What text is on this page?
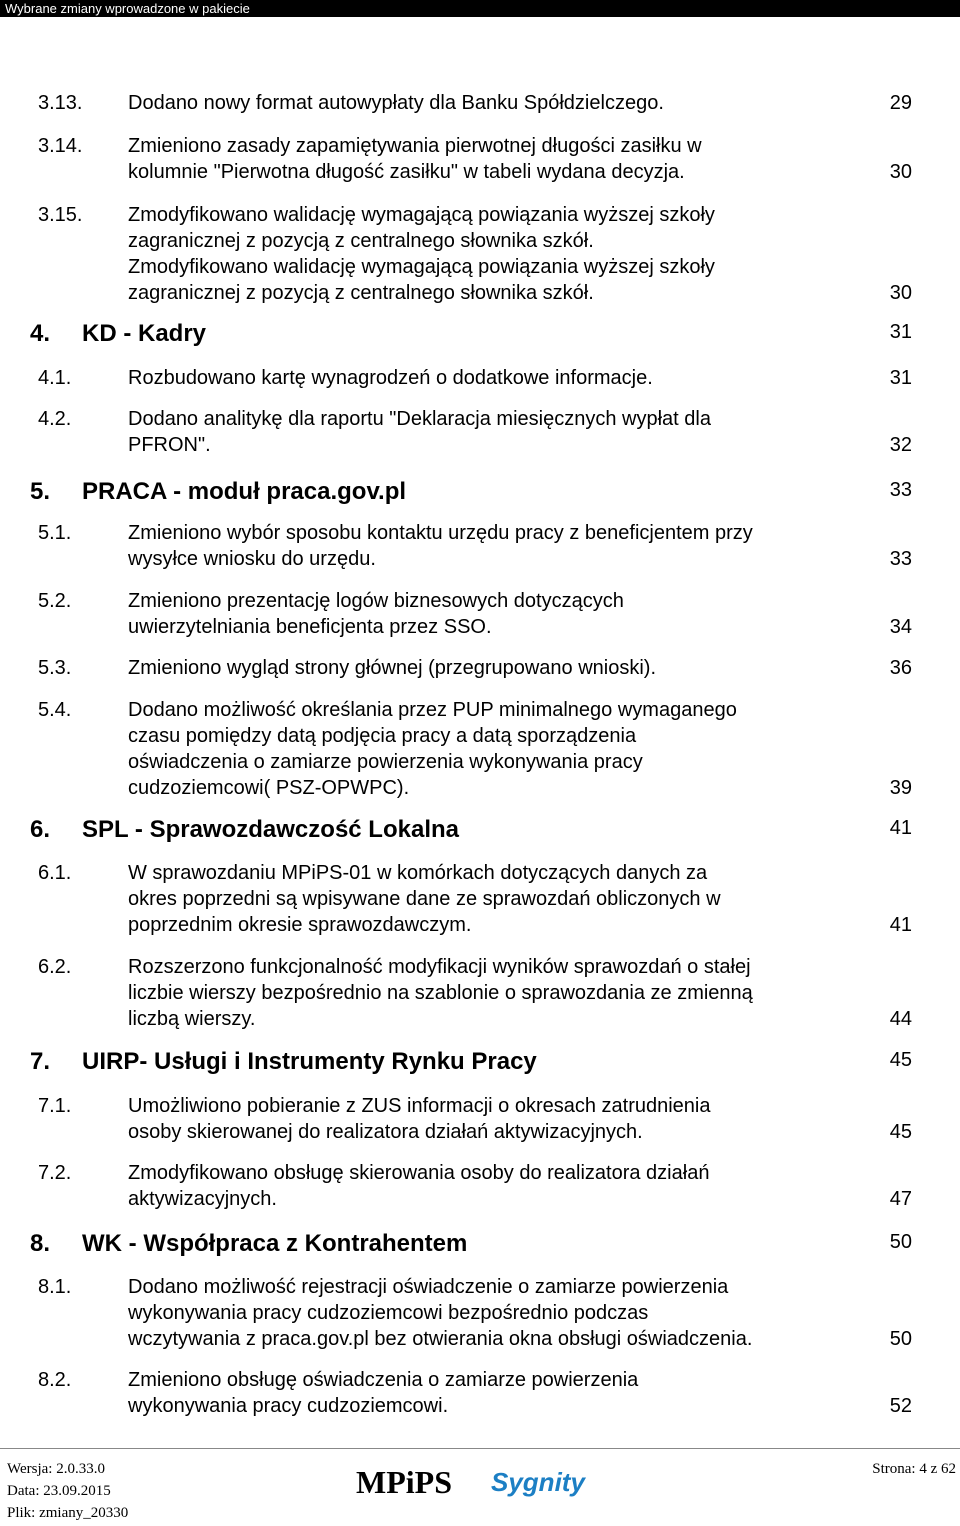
Wybrane zmiany wprowadzone w pakiecie
3.13. Dodano nowy format autowypłaty dla Banku Spółdzielczego.	29
3.14. Zmieniono zasady zapamiętywania pierwotnej długości zasiłku w
kolumnie "Pierwotna długość zasiłku" w tabeli wydana decyzja.	30
3.15. Zmodyfikowano walidację wymagającą powiązania wyższej szkoły
zagranicznej z pozycją z centralnego słownika szkół.
Zmodyfikowano walidację wymagającą powiązania wyższej szkoły
zagranicznej z pozycją z centralnego słownika szkół.	30
4. KD - Kadry	31
4.1.	Rozbudowano kartę wynagrodzeń o dodatkowe informacje.	31
4.2.	Dodano analitykę dla raportu "Deklaracja miesięcznych wypłat dla
PFRON".	32
5. PRACA - moduł praca.gov.pl	33
5.1.	Zmieniono wybór sposobu kontaktu urzędu pracy z beneficjentem przy
wysyłce wniosku do urzędu.	33
5.2.	Zmieniono prezentację logów biznesowych dotyczących
uwierzytelniania beneficjenta przez SSO.	34
5.3.	Zmieniono wygląd strony głównej (przegrupowano wnioski).	36
5.4.	Dodano możliwość określania przez PUP minimalnego wymaganego
czasu pomiędzy datą podjęcia pracy a datą sporządzenia
oświadczenia o zamiarze powierzenia wykonywania pracy
cudzoziemcowi( PSZ-OPWPC).	39
6. SPL - Sprawozdawczość Lokalna	41
6.1.	W sprawozdaniu MPiPS-01 w komórkach dotyczących danych za
okres poprzedni są wpisywane dane ze sprawozdań obliczonych w
poprzednim okresie sprawozdawczym.	41
6.2.	Rozszerzono funkcjonalność modyfikacji wyników sprawozdań o stałej
liczbie wierszy bezpośrednio na szablonie o sprawozdania ze zmienną
liczbą wierszy.	44
7. UIRP- Usługi i Instrumenty Rynku Pracy	45
7.1.	Umożliwiono pobieranie z ZUS informacji o okresach zatrudnienia
osoby skierowanej do realizatora działań aktywizacyjnych.	45
7.2.	Zmodyfikowano obsługę skierowania osoby do realizatora działań
aktywizacyjnych.	47
8. WK - Współpraca z Kontrahentem	50
8.1.	Dodano możliwość rejestracji oświadczenie o zamiarze powierzenia
wykonywania pracy cudzoziemcowi bezpośrednio podczas
wczytywania z praca.gov.pl bez otwierania okna obsługi oświadczenia.	50
8.2.	Zmieniono obsługę oświadczenia o zamiarze powierzenia
wykonywania pracy cudzoziemcowi.	52
Wersja: 2.0.33.0
Data: 23.09.2015
Plik: zmiany_20330
MPiPS Sygnity	Strona: 4 z 62
